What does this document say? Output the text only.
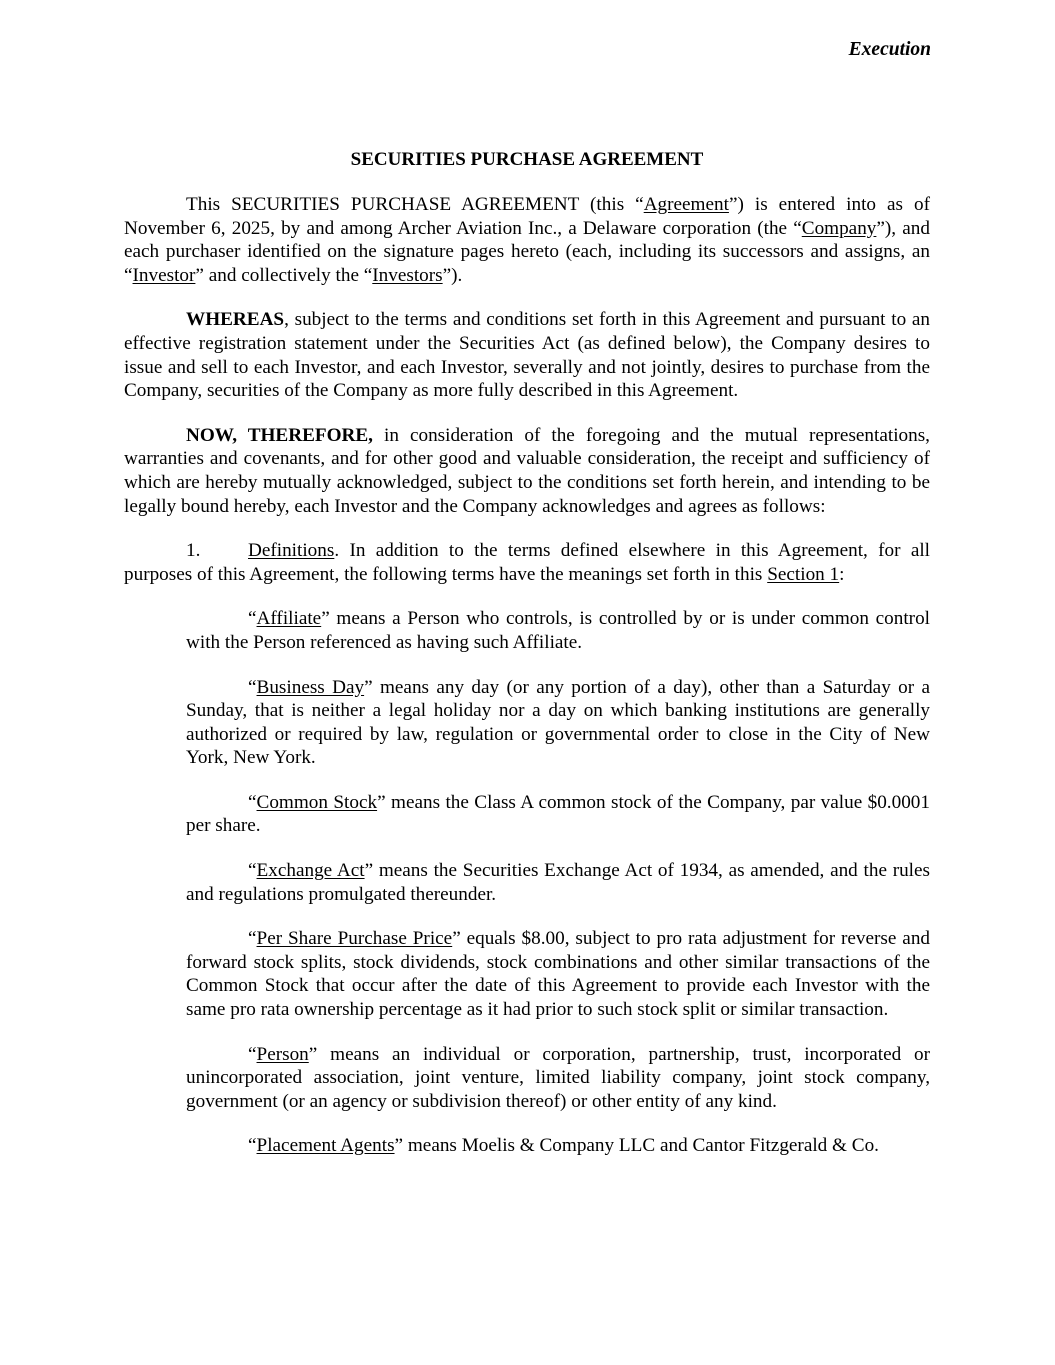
Execution
SECURITIES PURCHASE AGREEMENT

This SECURITIES PURCHASE AGREEMENT (this “Agreement”) is entered into as of November 6, 2025, by and among Archer Aviation Inc., a Delaware corporation (the “Company”), and each purchaser identified on the signature pages hereto (each, including its successors and assigns, an “Investor” and collectively the “Investors”).

WHEREAS, subject to the terms and conditions set forth in this Agreement and pursuant to an effective registration statement under the Securities Act (as defined below), the Company desires to issue and sell to each Investor, and each Investor, severally and not jointly, desires to purchase from the Company, securities of the Company as more fully described in this Agreement.

NOW, THEREFORE, in consideration of the foregoing and the mutual representations, warranties and covenants, and for other good and valuable consideration, the receipt and sufficiency of which are hereby mutually acknowledged, subject to the conditions set forth herein, and intending to be legally bound hereby, each Investor and the Company acknowledges and agrees as follows:

1. Definitions. In addition to the terms defined elsewhere in this Agreement, for all purposes of this Agreement, the following terms have the meanings set forth in this Section 1:

“Affiliate” means a Person who controls, is controlled by or is under common control with the Person referenced as having such Affiliate.

“Business Day” means any day (or any portion of a day), other than a Saturday or a Sunday, that is neither a legal holiday nor a day on which banking institutions are generally authorized or required by law, regulation or governmental order to close in the City of New York, New York.

“Common Stock” means the Class A common stock of the Company, par value $0.0001 per share.

“Exchange Act” means the Securities Exchange Act of 1934, as amended, and the rules and regulations promulgated thereunder.

“Per Share Purchase Price” equals $8.00, subject to pro rata adjustment for reverse and forward stock splits, stock dividends, stock combinations and other similar transactions of the Common Stock that occur after the date of this Agreement to provide each Investor with the same pro rata ownership percentage as it had prior to such stock split or similar transaction.

“Person” means an individual or corporation, partnership, trust, incorporated or unincorporated association, joint venture, limited liability company, joint stock company, government (or an agency or subdivision thereof) or other entity of any kind.

“Placement Agents” means Moelis & Company LLC and Cantor Fitzgerald & Co.
